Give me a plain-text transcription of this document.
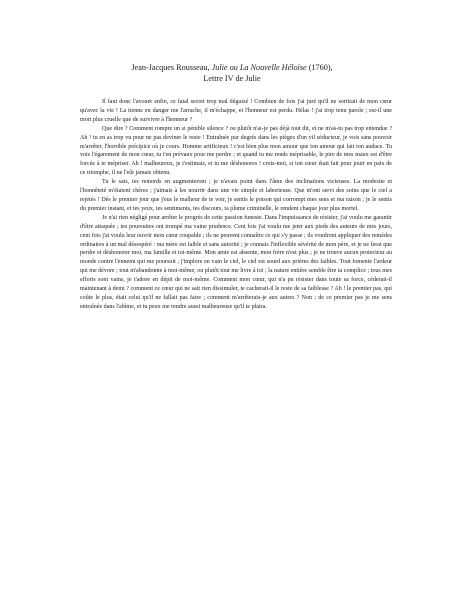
Jean-Jacques Rousseau, Julie ou La Nouvelle Héloïse (1760),
Lettre IV de Julie

Il faut donc l'avouer enfin, ce fatal secret trop mal déguisé ! Combien de fois j'ai juré qu'il ne sortirait de mon cœur qu'avec la vie ! La tienne en danger me l'arrache, il m'échappe, et l'honneur est perdu. Hélas ! j'ai trop tenu parole ; est-il une mort plus cruelle que de survivre à l'honneur ?

Que dire ? Comment rompre un si pénible silence ? ou plutôt n'ai-je pas déjà tout dit, et ne m'as-tu pas trop entendue ? Ah ! tu en as trop vu pour ne pas deviner le reste ! Entraînée par degrés dans les pièges d'un vil séducteur, je vois sans pouvoir m'arrêter, l'horrible précipice où je cours. Homme artificieux ! c'est bien plus mon amour que ton amour qui fait ton audace. Tu vois l'égarement de mon cœur, tu t'en prévaux pour me perdre ; et quand tu me rends méprisable, le pire de mes maux est d'être forcée à te mépriser. Ah ! malheureux, je t'estimais, et tu me déshonores ! crois-moi, si ton cœur était fait pour jouir en paix de ce triomphe, il ne l'eût jamais obtenu.

Tu le sais, tes remords en augmenteront ; je n'avais point dans l'âme des inclinations vicieuses. La modestie et l'honnêteté m'étaient chères ; j'aimais à les nourrir dans une vie simple et laborieuse. Que m'ont servi des soins que le ciel a rejetés ! Dès le premier jour que j'eus le malheur de te voir, je sentis le poison qui corrompt mes sens et ma raison ; je le sentis du premier instant, et tes yeux, tes sentiments, tes discours, ta plume criminelle, le rendent chaque jour plus mortel.

Je n'ai rien négligé pour arrêter le progrès de cette passion funeste. Dans l'impuissance de résister, j'ai voulu me garantir d'être attaquée ; tes poursuites ont trompé ma vaine prudence. Cent fois j'ai voulu me jeter aux pieds des auteurs de mes jours, cent fois j'ai voulu leur ouvrir mon cœur coupable ; ils ne peuvent connaître ce qui s'y passe ; ils voudront appliquer des remèdes ordinaires à un mal désespéré : ma mère est faible et sans autorité ; je connais l'inflexible sévérité de mon père, et je ne ferai que perdre et déshonorer moi, ma famille et toi-même. Mon amie est absente, mon frère n'est plus ; je ne trouve aucun protecteur au monde contre l'ennemi qui me poursuit ; j'implore en vain le ciel, le ciel est sourd aux prières des faibles. Tout fomente l'ardeur qui me dévore ; tout m'abandonne à moi-même, ou plutôt tout me livre à toi ; la nature entière semble être ta complice ; tous mes efforts sont vains, je t'adore en dépit de moi-même. Comment mon cœur, qui n'a pu résister dans toute sa force, céderait-il maintenant à demi ? comment ce cœur qui ne sait rien dissimuler, te cacherait-il le reste de sa faiblesse ? Ah ! le premier pas, qui coûte le plus, était celui qu'il ne fallait pas faire ; comment m'arrêterais-je aux autres ? Non ; de ce premier pas je me sens entraînée dans l'abîme, et tu peux me rendre aussi malheureuse qu'il te plaira.
